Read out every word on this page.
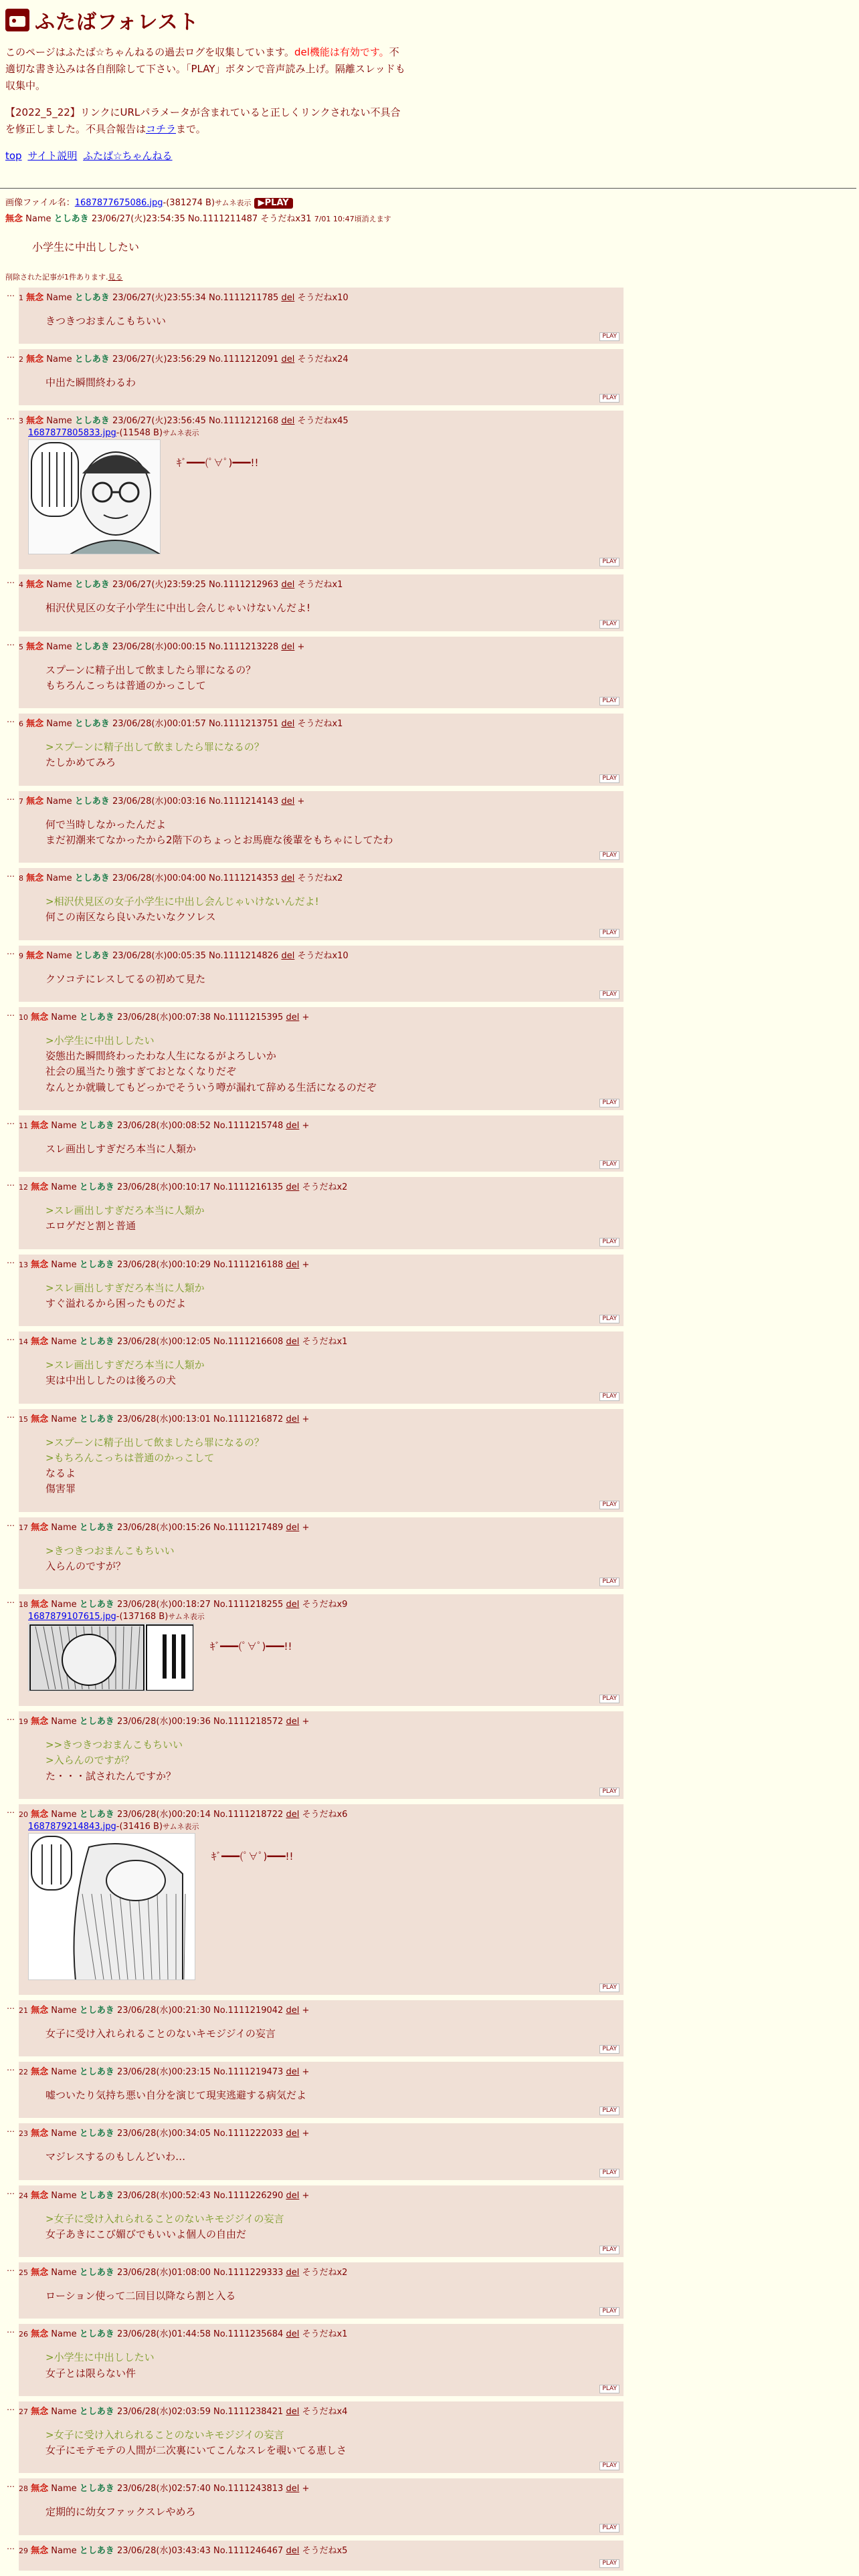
ふたばフォレスト
このページはふたば☆ちゃんねるの過去ログを収集しています。del機能は有効です。不適切な書き込みは各自削除して下さい。「PLAY」ボタンで音声読み上げ。隔離スレッドも収集中。
【2022_5_22】リンクにURLパラメータが含まれていると正しくリンクされない不具合を修正しました。不具合報告はコチラまで。
top サイト説明 ふたば☆ちゃんねる
画像ファイル名：1687877675086.jpg-(381274 B)サムネ表示 ▶PLAY
無念 Name としあき 23/06/27(火)23:54:35 No.1111211487 そうだねx31 7/01 10:47頃消えます
小学生に中出ししたい
削除された記事が1件あります.見る
… 1 無念 Name としあき 23/06/27(火)23:55:34 No.1111211785 del そうだねx10
きつきつおまんこもちいい
PLAY
… 2 無念 Name としあき 23/06/27(火)23:56:29 No.1111212091 del そうだねx24
中出た瞬間終わるわ
PLAY
… 3 無念 Name としあき 23/06/27(火)23:56:45 No.1111212168 del そうだねx45
1687877805833.jpg-(11548 B)サムネ表示
ｷﾞ━━━(ﾟ∀ﾟ)━━━!!
PLAY
… 4 無念 Name としあき 23/06/27(火)23:59:25 No.1111212963 del そうだねx1
相沢伏見区の女子小学生に中出し会んじゃいけないんだよ!
PLAY
… 5 無念 Name としあき 23/06/28(水)00:00:15 No.1111213228 del +
スプーンに精子出して飲ましたら罪になるの？
もちろんこっちは普通のかっこして
PLAY
… 6 無念 Name としあき 23/06/28(水)00:01:57 No.1111213751 del そうだねx1
>スプーンに精子出して飲ましたら罪になるの？
たしかめてみろ
PLAY
… 7 無念 Name としあき 23/06/28(水)00:03:16 No.1111214143 del +
何で当時しなかったんだよ
まだ初潮来てなかったから2階下のちょっとお馬鹿な後輩をもちゃにしてたわ
PLAY
… 8 無念 Name としあき 23/06/28(水)00:04:00 No.1111214353 del そうだねx2
>相沢伏見区の女子小学生に中出し会んじゃいけないんだよ!
何この南区なら良いみたいなクソレス
PLAY
… 9 無念 Name としあき 23/06/28(水)00:05:35 No.1111214826 del そうだねx10
クソコテにレスしてるの初めて見た
PLAY
… 10 無念 Name としあき 23/06/28(水)00:07:38 No.1111215395 del +
>小学生に中出ししたい
姿態出た瞬間終わったわな人生になるがよろしいか
社会の風当たり強すぎておとなくなりだぞ
なんとか就職してもどっかでそういう噂が漏れて辞める生活になるのだぞ
PLAY
… 11 無念 Name としあき 23/06/28(水)00:08:52 No.1111215748 del +
スレ画出しすぎだろ本当に人類か
PLAY
… 12 無念 Name としあき 23/06/28(水)00:10:17 No.1111216135 del そうだねx2
>スレ画出しすぎだろ本当に人類か
エロゲだと割と普通
PLAY
… 13 無念 Name としあき 23/06/28(水)00:10:29 No.1111216188 del +
>スレ画出しすぎだろ本当に人類か
すぐ溢れるから困ったものだよ
PLAY
… 14 無念 Name としあき 23/06/28(水)00:12:05 No.1111216608 del そうだねx1
>スレ画出しすぎだろ本当に人類か
実は中出ししたのは後ろの犬
PLAY
… 15 無念 Name としあき 23/06/28(水)00:13:01 No.1111216872 del +
>スプーンに精子出して飲ましたら罪になるの？
>もちろんこっちは普通のかっこして
なるよ
傷害罪
PLAY
… 17 無念 Name としあき 23/06/28(水)00:15:26 No.1111217489 del +
>きつきつおまんこもちいい
入らんのですが？
PLAY
… 18 無念 Name としあき 23/06/28(水)00:18:27 No.1111218255 del そうだねx9
1687879107615.jpg-(137168 B)サムネ表示
ｷﾞ━━━(ﾟ∀ﾟ)━━━!!
PLAY
… 19 無念 Name としあき 23/06/28(水)00:19:36 No.1111218572 del +
>>きつきつおまんこもちいい
>入らんのですが？
た・・・試されたんですか？
PLAY
… 20 無念 Name としあき 23/06/28(水)00:20:14 No.1111218722 del そうだねx6
1687879214843.jpg-(31416 B)サムネ表示
ｷﾞ━━━(ﾟ∀ﾟ)━━━!!
PLAY
… 21 無念 Name としあき 23/06/28(水)00:21:30 No.1111219042 del +
女子に受け入れられることのないキモジジイの妄言
PLAY
… 22 無念 Name としあき 23/06/28(水)00:23:15 No.1111219473 del +
嘘ついたり気持ち悪い自分を演じて現実逃避する病気だよ
PLAY
… 23 無念 Name としあき 23/06/28(水)00:34:05 No.1111222033 del +
マジレスするのもしんどいわ…
PLAY
… 24 無念 Name としあき 23/06/28(水)00:52:43 No.1111226290 del +
>女子に受け入れられることのないキモジジイの妄言
女子あきにこび媚びでもいいよ個人の自由だ
PLAY
… 25 無念 Name としあき 23/06/28(水)01:08:00 No.1111229333 del そうだねx2
ローション使って二回目以降なら割と入る
PLAY
… 26 無念 Name としあき 23/06/28(水)01:44:58 No.1111235684 del そうだねx1
>小学生に中出ししたい
女子とは限らない件
PLAY
… 27 無念 Name としあき 23/06/28(水)02:03:59 No.1111238421 del そうだねx4
>女子に受け入れられることのないキモジジイの妄言
女子にモテモテの人間が二次裏にいてこんなスレを覗いてる恵しさ
PLAY
… 28 無念 Name としあき 23/06/28(水)02:57:40 No.1111243813 del +
定期的に幼女ファックスレやめろ
PLAY
… 29 無念 Name としあき 23/06/28(水)03:43:43 No.1111246467 del そうだねx5
PLAY
